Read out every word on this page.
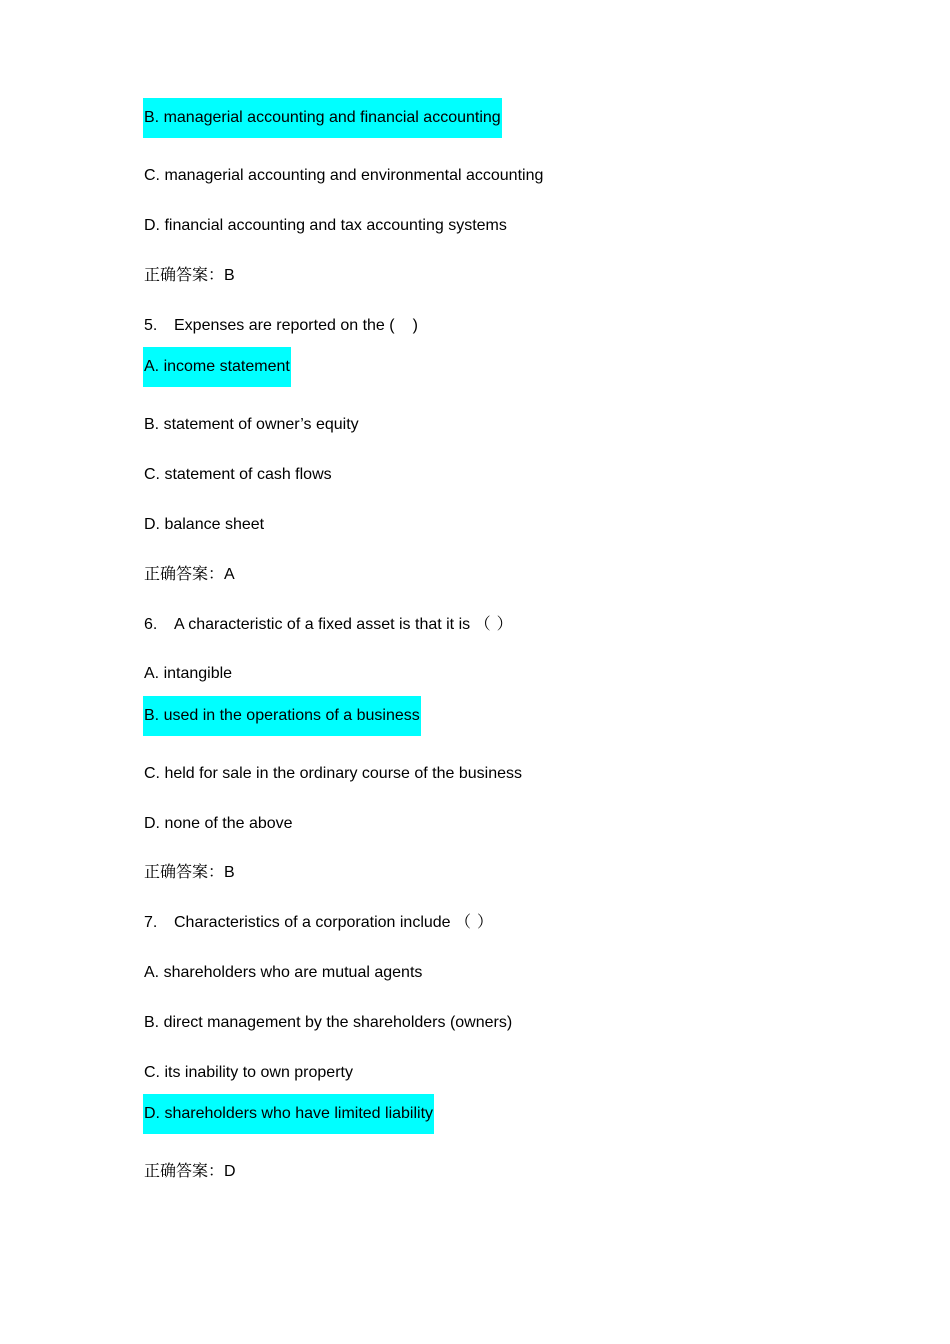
B. managerial accounting and financial accounting
C. managerial accounting and environmental accounting
D. financial accounting and tax accounting systems
正确答案：B
5. Expenses are reported on the ( )
A. income statement
B. statement of owner’s equity
C. statement of cash flows
D. balance sheet
正确答案：A
6. A characteristic of a fixed asset is that it is （ ）
A. intangible
B. used in the operations of a business
C. held for sale in the ordinary course of the business
D. none of the above
正确答案：B
7. Characteristics of a corporation include （ ）
A. shareholders who are mutual agents
B. direct management by the shareholders (owners)
C. its inability to own property
D. shareholders who have limited liability
正确答案：D
